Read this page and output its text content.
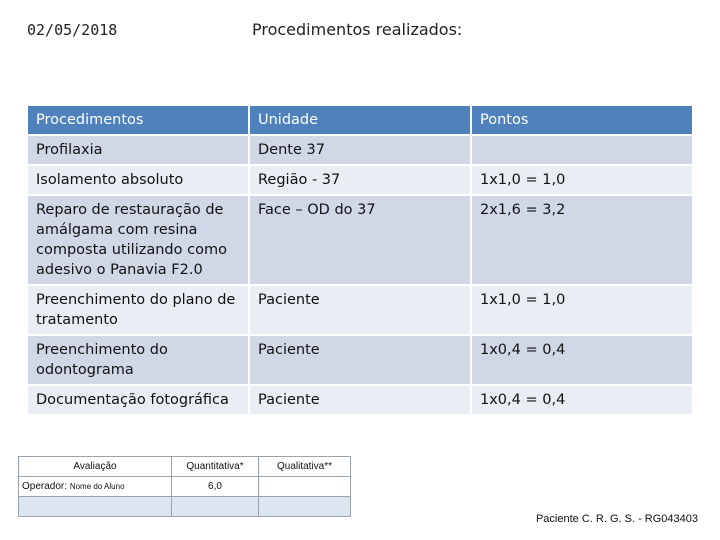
02/05/2018	Procedimentos realizados:
Procedimentos	Unidade	Pontos
Profilaxia	Dente 37	
Isolamento absoluto	Região - 37	1x1,0 = 1,0
Reparo de restauração de amálgama com resina composta utilizando como adesivo o Panavia F2.0	Face – OD do 37	2x1,6 = 3,2
Preenchimento do plano de tratamento	Paciente	1x1,0 = 1,0
Preenchimento do odontograma	Paciente	1x0,4 = 0,4
Documentação fotográfica	Paciente	1x0,4 = 0,4
Avaliação	Quantitativa*	Qualitativa**
Operador: Nome do Aluno	6,0	

Paciente C. R. G. S. - RG043403
